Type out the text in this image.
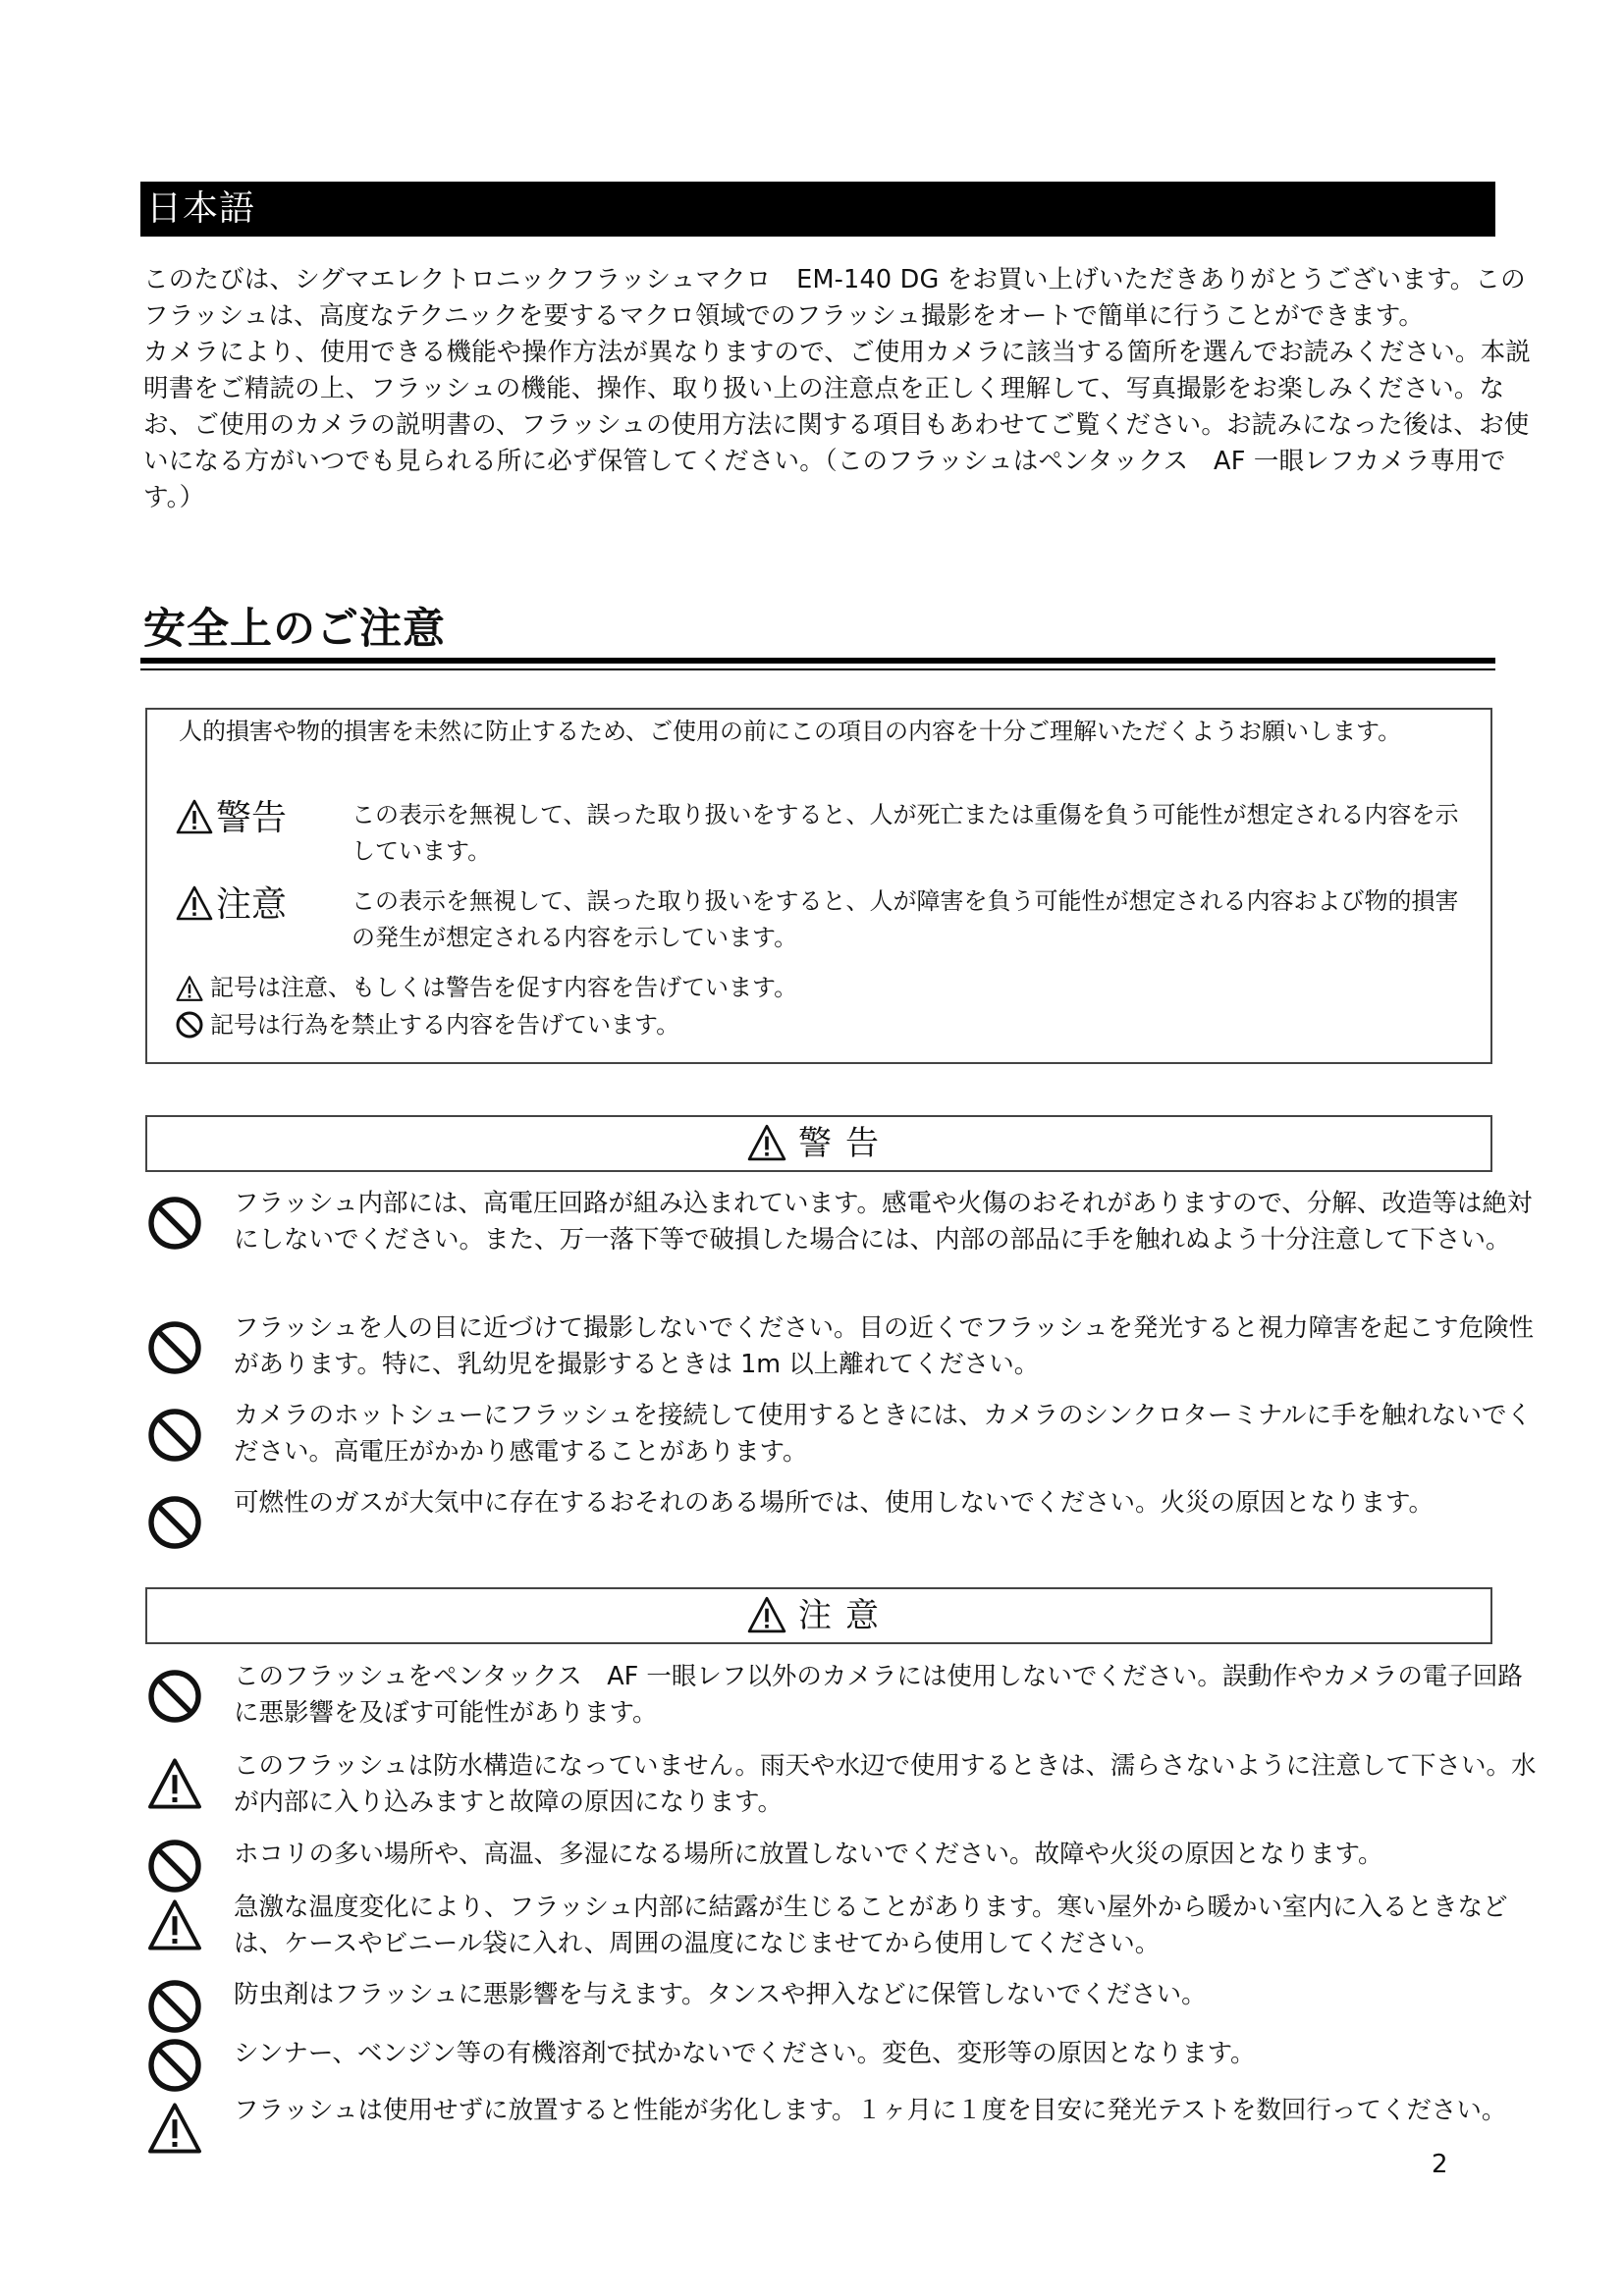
日本語

このたびは、シグマエレクトロニックフラッシュマクロ　EM-140 DG をお買い上げいただきありがとうございます。このフラッシュは、高度なテクニックを要するマクロ領域でのフラッシュ撮影をオートで簡単に行うことができます。

カメラにより、使用できる機能や操作方法が異なりますので、ご使用カメラに該当する箇所を選んでお読みください。本説明書をご精読の上、フラッシュの機能、操作、取り扱い上の注意点を正しく理解して、写真撮影をお楽しみください。なお、ご使用のカメラの説明書の、フラッシュの使用方法に関する項目もあわせてご覧ください。お読みになった後は、お使いになる方がいつでも見られる所に必ず保管してください。（このフラッシュはペンタックス　AF 一眼レフカメラ専用です。）

安全上のご注意
人的損害や物的損害を未然に防止するため、ご使用の前にこの項目の内容を十分ご理解いただくようお願いします。
警告	この表示を無視して、誤った取り扱いをすると、人が死亡または重傷を負う可能性が想定される内容を示しています。
注意	この表示を無視して、誤った取り扱いをすると、人が障害を負う可能性が想定される内容および物的損害の発生が想定される内容を示しています。
記号は注意、もしくは警告を促す内容を告げています。
記号は行為を禁止する内容を告げています。
警告
フラッシュ内部には、高電圧回路が組み込まれています。感電や火傷のおそれがありますので、分解、改造等は絶対にしないでください。また、万一落下等で破損した場合には、内部の部品に手を触れぬよう十分注意して下さい。
フラッシュを人の目に近づけて撮影しないでください。目の近くでフラッシュを発光すると視力障害を起こす危険性があります。特に、乳幼児を撮影するときは 1m 以上離れてください。
カメラのホットシューにフラッシュを接続して使用するときには、カメラのシンクロターミナルに手を触れないでください。高電圧がかかり感電することがあります。
可燃性のガスが大気中に存在するおそれのある場所では、使用しないでください。火災の原因となります。
注意
このフラッシュをペンタックス　AF 一眼レフ以外のカメラには使用しないでください。誤動作やカメラの電子回路に悪影響を及ぼす可能性があります。
このフラッシュは防水構造になっていません。雨天や水辺で使用するときは、濡らさないように注意して下さい。水が内部に入り込みますと故障の原因になります。
ホコリの多い場所や、高温、多湿になる場所に放置しないでください。故障や火災の原因となります。
急激な温度変化により、フラッシュ内部に結露が生じることがあります。寒い屋外から暖かい室内に入るときなどは、ケースやビニール袋に入れ、周囲の温度になじませてから使用してください。
防虫剤はフラッシュに悪影響を与えます。タンスや押入などに保管しないでください。
シンナー、ベンジン等の有機溶剤で拭かないでください。変色、変形等の原因となります。
フラッシュは使用せずに放置すると性能が劣化します。１ヶ月に１度を目安に発光テストを数回行ってください。
2
